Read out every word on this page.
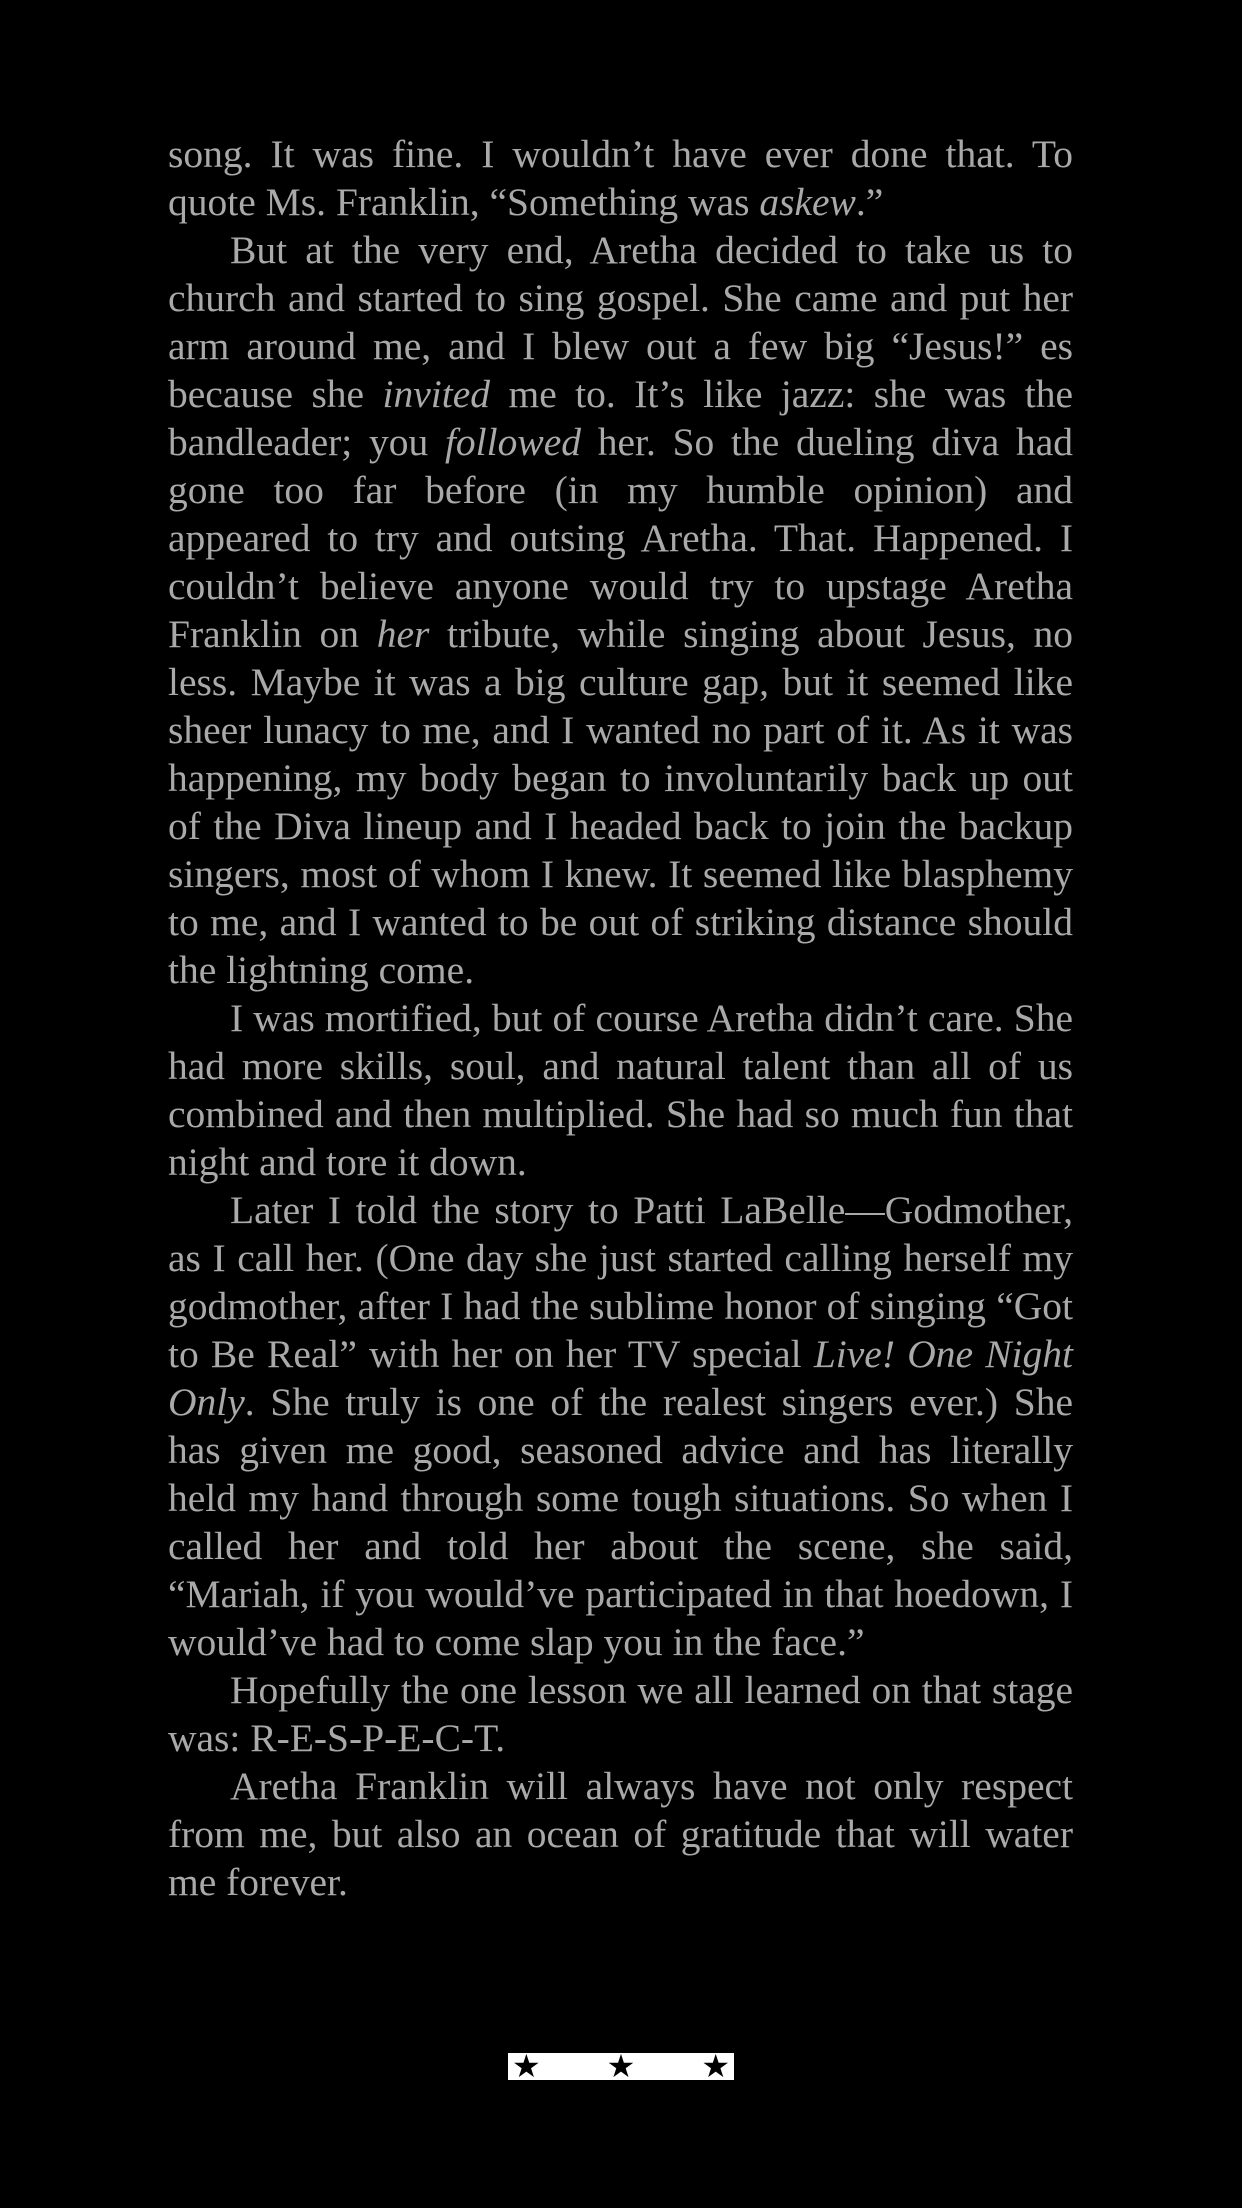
song. It was fine. I wouldn’t have ever done that. To quote Ms. Franklin, “Something was askew.”

But at the very end, Aretha decided to take us to church and started to sing gospel. She came and put her arm around me, and I blew out a few big “Jesus!” es because she invited me to. It’s like jazz: she was the bandleader; you followed her. So the dueling diva had gone too far before (in my humble opinion) and appeared to try and outsing Aretha. That. Happened. I couldn’t believe anyone would try to upstage Aretha Franklin on her tribute, while singing about Jesus, no less. Maybe it was a big culture gap, but it seemed like sheer lunacy to me, and I wanted no part of it. As it was happening, my body began to involuntarily back up out of the Diva lineup and I headed back to join the backup singers, most of whom I knew. It seemed like blasphemy to me, and I wanted to be out of striking distance should the lightning come.

I was mortified, but of course Aretha didn’t care. She had more skills, soul, and natural talent than all of us combined and then multiplied. She had so much fun that night and tore it down.

Later I told the story to Patti LaBelle—Godmother, as I call her. (One day she just started calling herself my godmother, after I had the sublime honor of singing “Got to Be Real” with her on her TV special Live! One Night Only. She truly is one of the realest singers ever.) She has given me good, seasoned advice and has literally held my hand through some tough situations. So when I called her and told her about the scene, she said, “Mariah, if you would’ve participated in that hoedown, I would’ve had to come slap you in the face.”

Hopefully the one lesson we all learned on that stage was: R-E-S-P-E-C-T.

Aretha Franklin will always have not only respect from me, but also an ocean of gratitude that will water me forever.

★ ★ ★
